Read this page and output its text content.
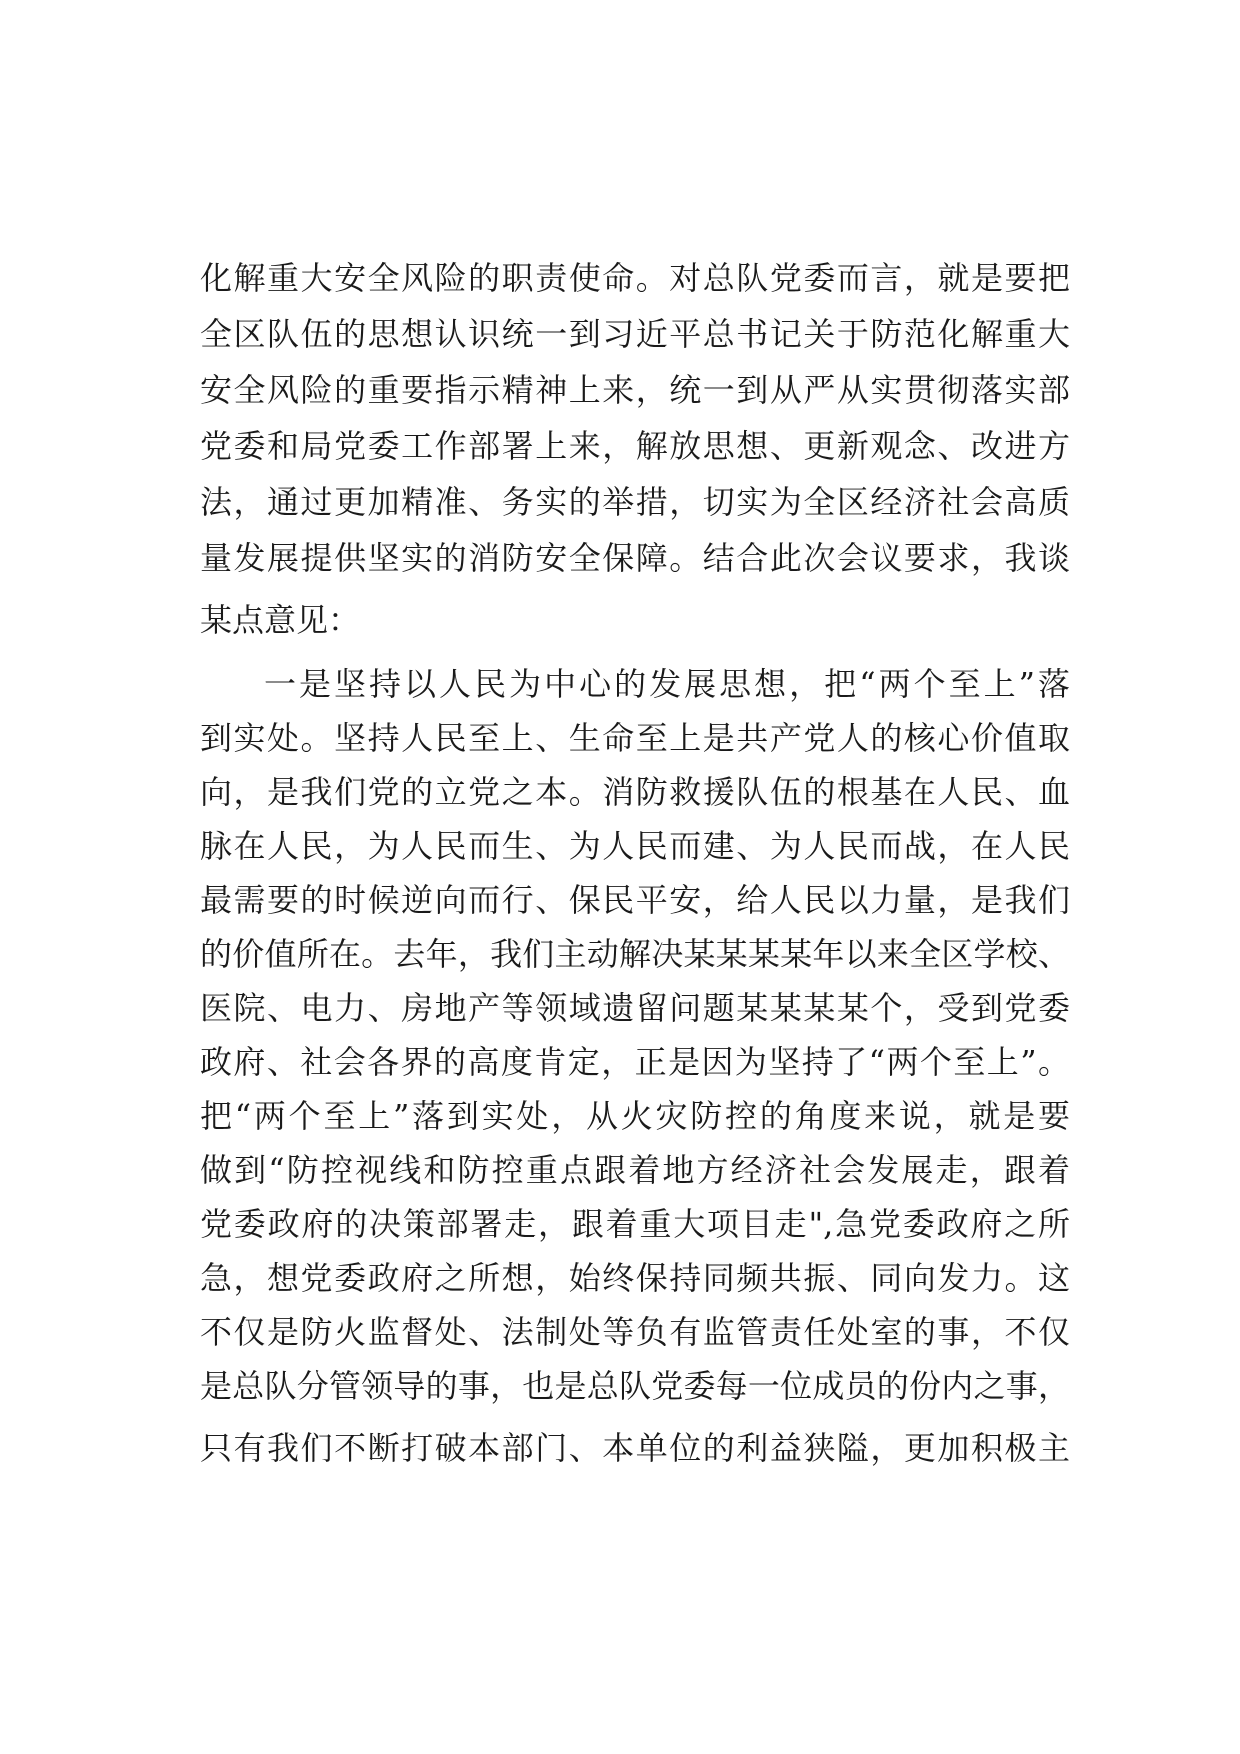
化解重大安全风险的职责使命。对总队党委而言，就是要把
全区队伍的思想认识统一到习近平总书记关于防范化解重大
安全风险的重要指示精神上来，统一到从严从实贯彻落实部
党委和局党委工作部署上来，解放思想、更新观念、改进方
法，通过更加精准、务实的举措，切实为全区经济社会高质
量发展提供坚实的消防安全保障。结合此次会议要求，我谈
某点意见：
一是坚持以人民为中心的发展思想，把“两个至上”落
到实处。坚持人民至上、生命至上是共产党人的核心价值取
向，是我们党的立党之本。消防救援队伍的根基在人民、血
脉在人民，为人民而生、为人民而建、为人民而战，在人民
最需要的时候逆向而行、保民平安，给人民以力量，是我们
的价值所在。去年，我们主动解决某某某某年以来全区学校、
医院、电力、房地产等领域遗留问题某某某某个，受到党委
政府、社会各界的高度肯定，正是因为坚持了“两个至上”。
把“两个至上”落到实处，从火灾防控的角度来说，就是要
做到“防控视线和防控重点跟着地方经济社会发展走，跟着
党委政府的决策部署走，跟着重大项目走",急党委政府之所
急，想党委政府之所想，始终保持同频共振、同向发力。这
不仅是防火监督处、法制处等负有监管责任处室的事，不仅
是总队分管领导的事，也是总队党委每一位成员的份内之事，
只有我们不断打破本部门、本单位的利益狭隘，更加积极主
